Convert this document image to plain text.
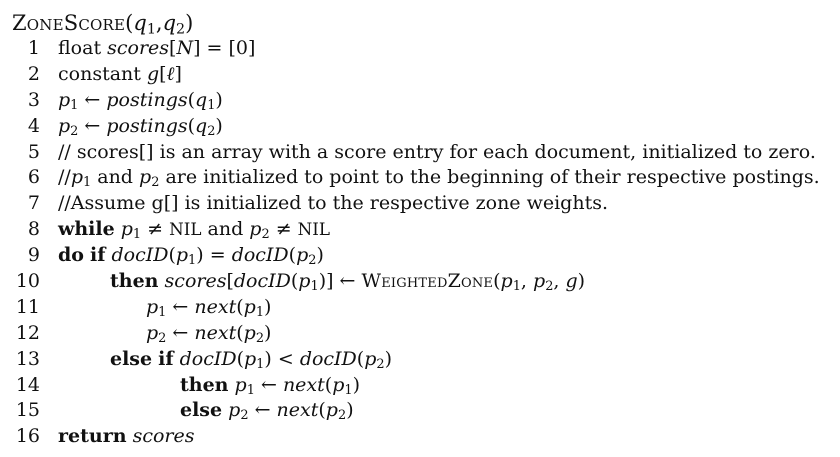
$ZoneScore(q_1,q_2)$
1 float scores[N] = [0]
2 constant g[ℓ]
3 $p_1$ ← $postings(q_1)$
4 $p_2$ ← $postings(q_2)$
5 // scores[] is an array with a score entry for each document, initialized to zero.
6 $//p_1$ and $p_2$ are initialized to point to the beginning of their respective postings.
7 //Assume g[] is initialized to the respective zone weights.
8 while $p_1$ ≠ NIL and $p_2$ ≠ NIL
9 do if $docID(p_1)$ = $docID(p_2)$
10	then $scores[docID(p_1)]$ ← $WeightedZone(p_1$, $p_2$, g)
11	$p_1$ ← $next(p_1)$
12	$p_2$ ← $next(p_2)$
13	else if $docID(p_1)$ < $docID(p_2)$
14	then $p_1$ ← $next(p_1)$
15	else $p_2$ ← $next(p_2)$
16 return scores
